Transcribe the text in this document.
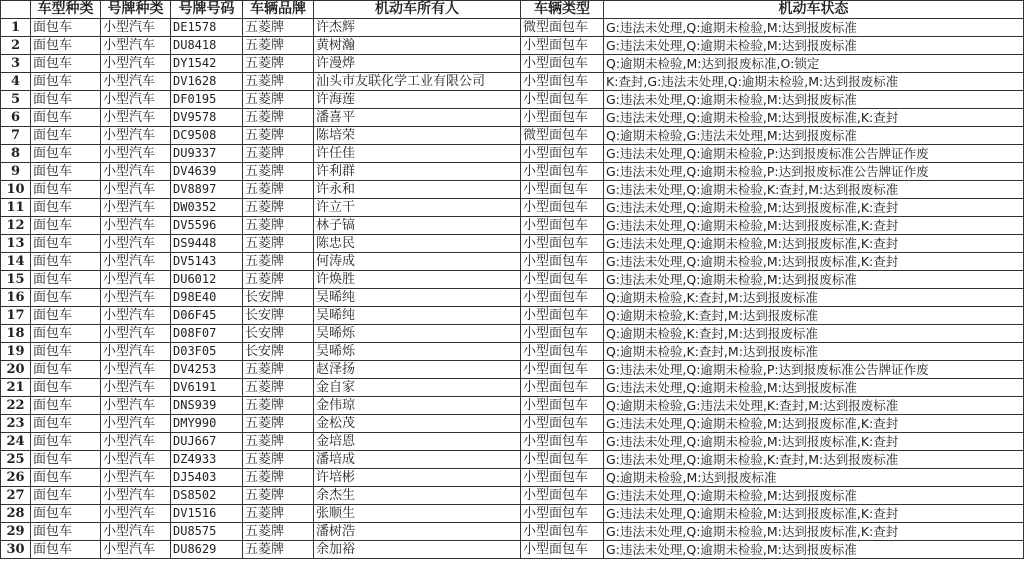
	车型种类	号牌种类	号牌号码	车辆品牌	机动车所有人	车辆类型	机动车状态
1	面包车	小型汽车	DE1578	五菱牌	许杰辉	微型面包车	G:违法未处理,Q:逾期未检验,M:达到报废标准
2	面包车	小型汽车	DU8418	五菱牌	黄树瀚	小型面包车	G:违法未处理,Q:逾期未检验,M:达到报废标准
3	面包车	小型汽车	DY1542	五菱牌	许漫烨	小型面包车	Q:逾期未检验,M:达到报废标准,O:锁定
4	面包车	小型汽车	DV1628	五菱牌	汕头市友联化学工业有限公司	小型面包车	K:查封,G:违法未处理,Q:逾期未检验,M:达到报废标准
5	面包车	小型汽车	DF0195	五菱牌	许海莲	小型面包车	G:违法未处理,Q:逾期未检验,M:达到报废标准
6	面包车	小型汽车	DV9578	五菱牌	潘喜平	小型面包车	G:违法未处理,Q:逾期未检验,M:达到报废标准,K:查封
7	面包车	小型汽车	DC9508	五菱牌	陈培荣	微型面包车	Q:逾期未检验,G:违法未处理,M:达到报废标准
8	面包车	小型汽车	DU9337	五菱牌	许任佳	小型面包车	G:违法未处理,Q:逾期未检验,P:达到报废标准公告牌证作废
9	面包车	小型汽车	DV4639	五菱牌	许利群	小型面包车	G:违法未处理,Q:逾期未检验,P:达到报废标准公告牌证作废
10	面包车	小型汽车	DV8897	五菱牌	许永和	小型面包车	G:违法未处理,Q:逾期未检验,K:查封,M:达到报废标准
11	面包车	小型汽车	DW0352	五菱牌	许立干	小型面包车	G:违法未处理,Q:逾期未检验,M:达到报废标准,K:查封
12	面包车	小型汽车	DV5596	五菱牌	林子镐	小型面包车	G:违法未处理,Q:逾期未检验,M:达到报废标准,K:查封
13	面包车	小型汽车	DS9448	五菱牌	陈忠民	小型面包车	G:违法未处理,Q:逾期未检验,M:达到报废标准,K:查封
14	面包车	小型汽车	DV5143	五菱牌	何涛成	小型面包车	G:违法未处理,Q:逾期未检验,M:达到报废标准,K:查封
15	面包车	小型汽车	DU6012	五菱牌	许焕胜	小型面包车	G:违法未处理,Q:逾期未检验,M:达到报废标准
16	面包车	小型汽车	D98E40	长安牌	吴晞纯	小型面包车	Q:逾期未检验,K:查封,M:达到报废标准
17	面包车	小型汽车	D06F45	长安牌	吴晞纯	小型面包车	Q:逾期未检验,K:查封,M:达到报废标准
18	面包车	小型汽车	D08F07	长安牌	吴晞烁	小型面包车	Q:逾期未检验,K:查封,M:达到报废标准
19	面包车	小型汽车	D03F05	长安牌	吴晞烁	小型面包车	Q:逾期未检验,K:查封,M:达到报废标准
20	面包车	小型汽车	DV4253	五菱牌	赵泽扬	小型面包车	G:违法未处理,Q:逾期未检验,P:达到报废标准公告牌证作废
21	面包车	小型汽车	DV6191	五菱牌	金自家	小型面包车	G:违法未处理,Q:逾期未检验,M:达到报废标准
22	面包车	小型汽车	DNS939	五菱牌	金伟琼	小型面包车	Q:逾期未检验,G:违法未处理,K:查封,M:达到报废标准
23	面包车	小型汽车	DMY990	五菱牌	金松茂	小型面包车	G:违法未处理,Q:逾期未检验,M:达到报废标准,K:查封
24	面包车	小型汽车	DUJ667	五菱牌	金培恩	小型面包车	G:违法未处理,Q:逾期未检验,M:达到报废标准,K:查封
25	面包车	小型汽车	DZ4933	五菱牌	潘培成	小型面包车	G:违法未处理,Q:逾期未检验,K:查封,M:达到报废标准
26	面包车	小型汽车	DJ5403	五菱牌	许培彬	小型面包车	Q:逾期未检验,M:达到报废标准
27	面包车	小型汽车	DS8502	五菱牌	余杰生	小型面包车	G:违法未处理,Q:逾期未检验,M:达到报废标准
28	面包车	小型汽车	DV1516	五菱牌	张顺生	小型面包车	G:违法未处理,Q:逾期未检验,M:达到报废标准,K:查封
29	面包车	小型汽车	DU8575	五菱牌	潘树浩	小型面包车	G:违法未处理,Q:逾期未检验,M:达到报废标准,K:查封
30	面包车	小型汽车	DU8629	五菱牌	余加裕	小型面包车	G:违法未处理,Q:逾期未检验,M:达到报废标准
